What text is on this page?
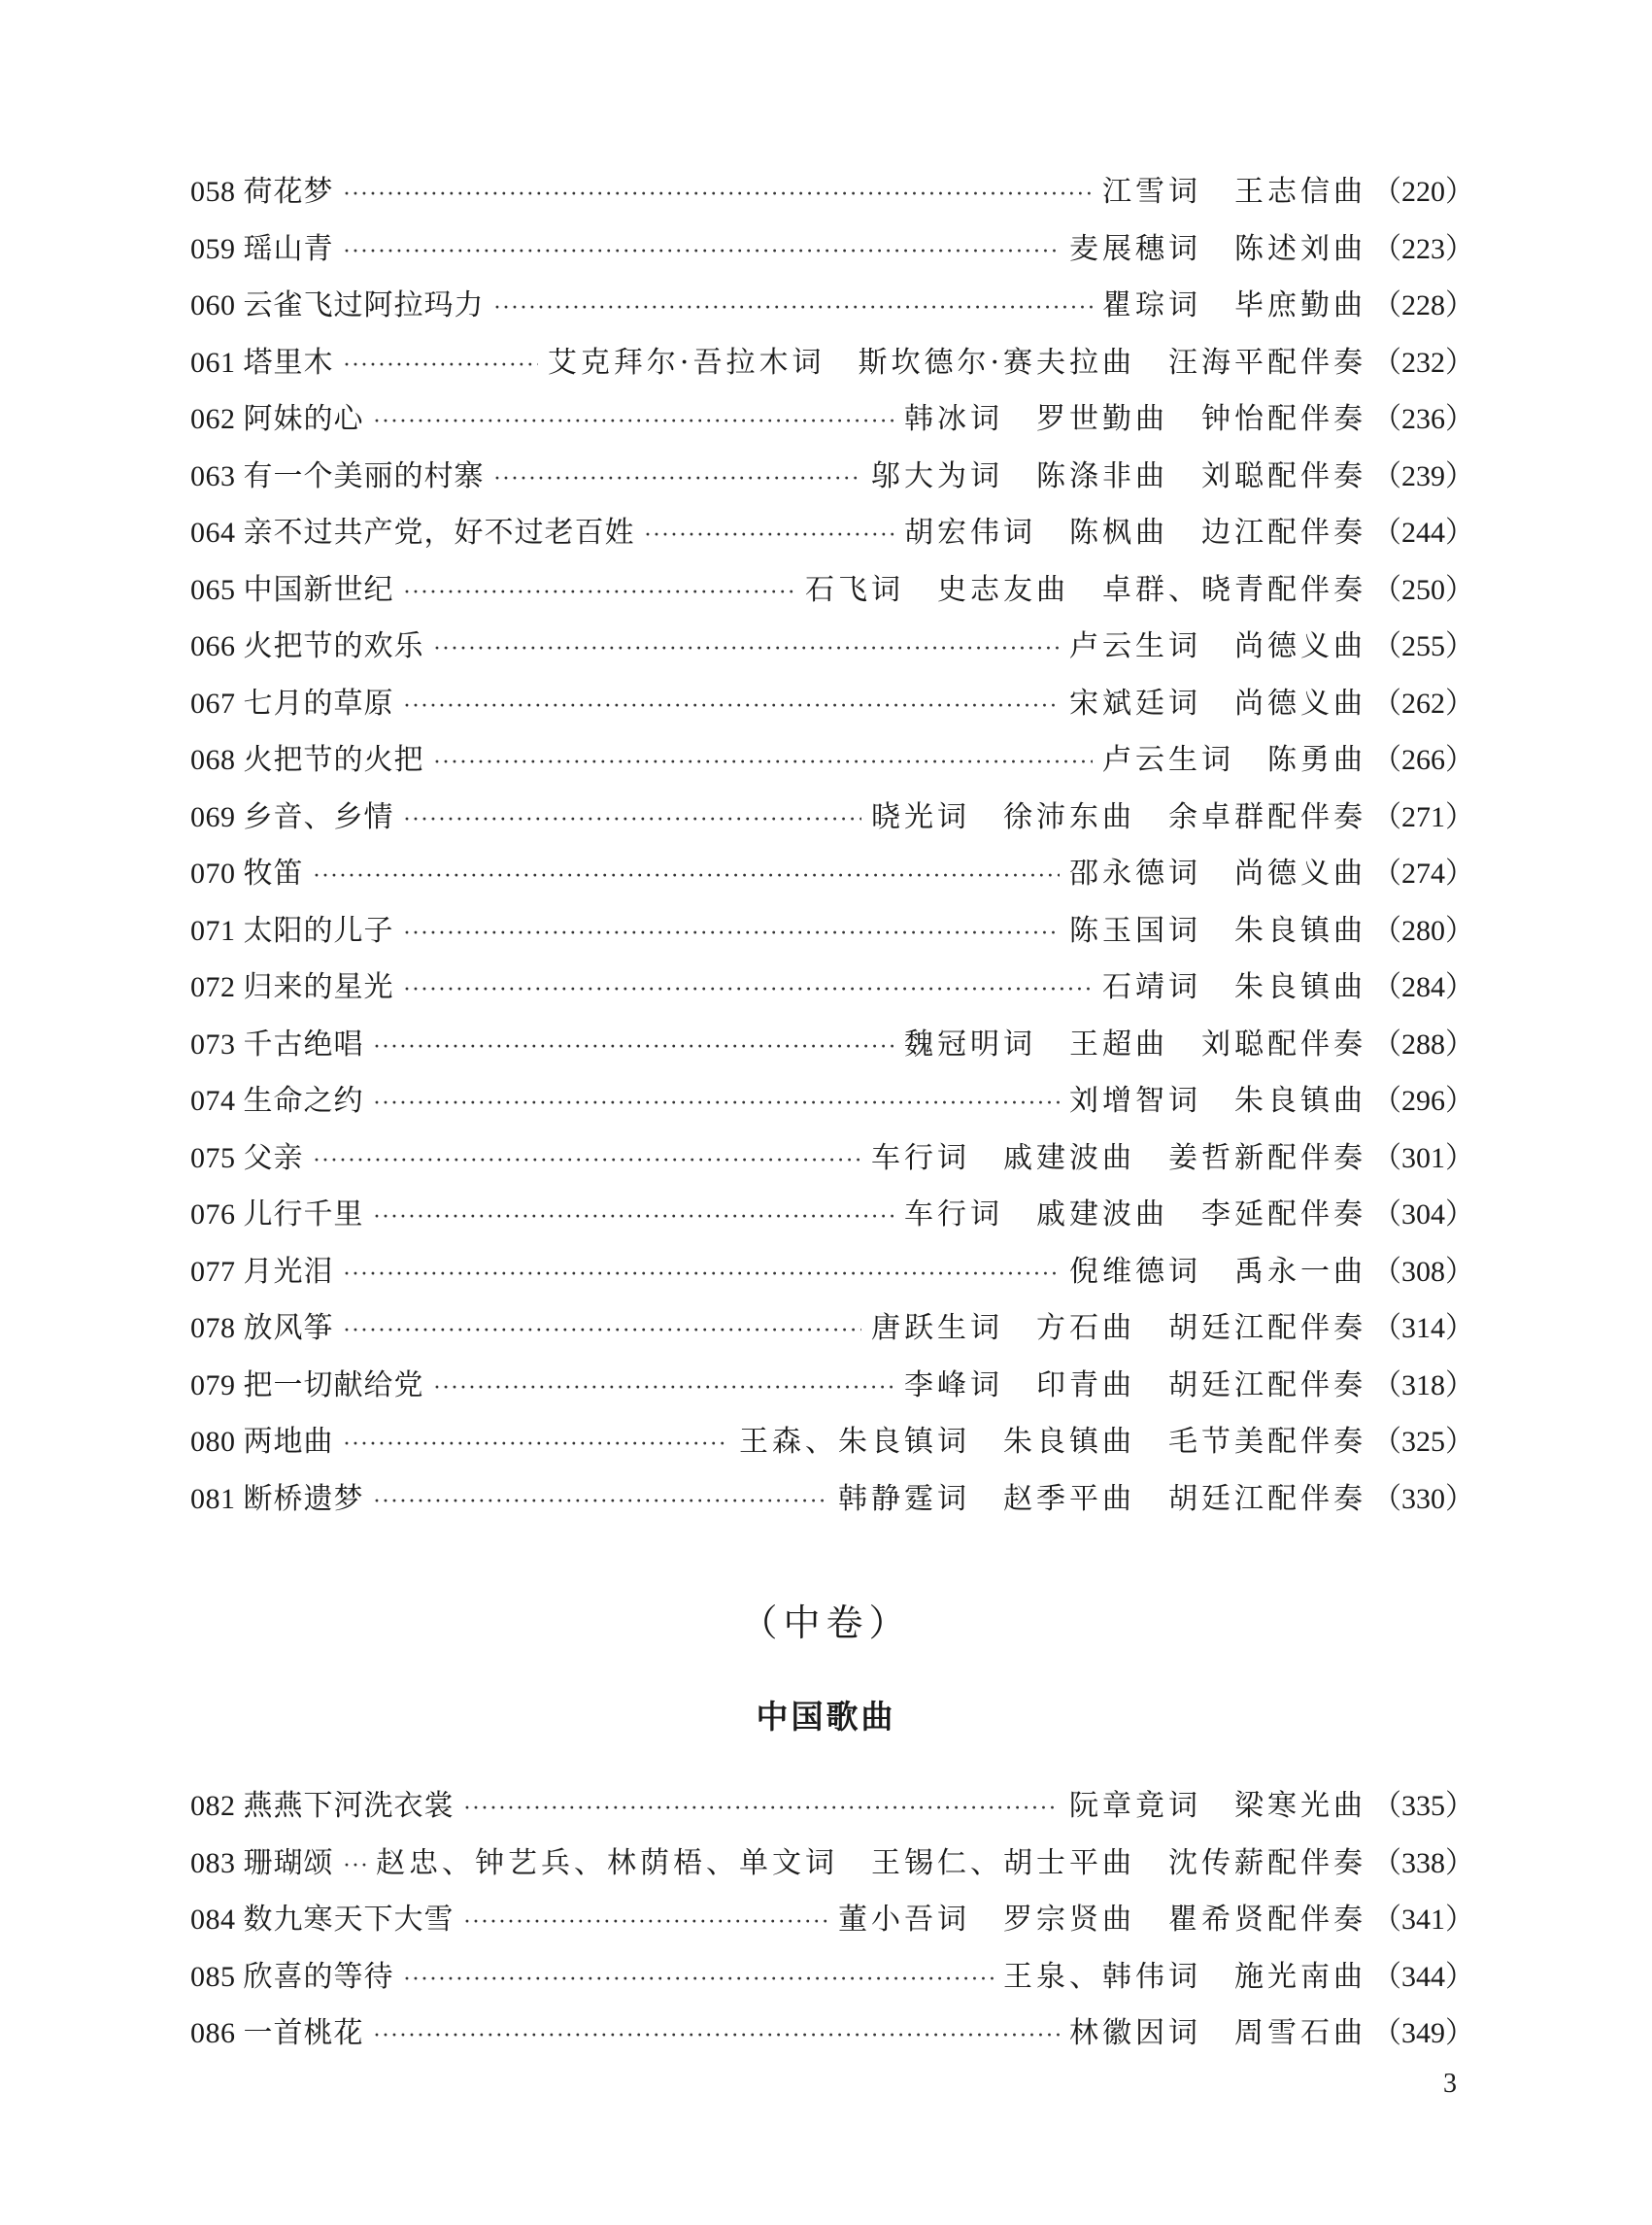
058 荷花梦 ·····	江雪词　王志信曲 （220）
059 瑶山青 ·····	麦展穗词　陈述刘曲 （223）
060 云雀飞过阿拉玛力 ·····	瞿琮词　毕庶勤曲 （228）
061 塔里木 ·····	艾克拜尔·吾拉木词　斯坎德尔·赛夫拉曲　汪海平配伴奏 （232）
062 阿妹的心 ·····	韩冰词　罗世勤曲　钟怡配伴奏 （236）
063 有一个美丽的村寨 ·····	邬大为词　陈涤非曲　刘聪配伴奏 （239）
064 亲不过共产党，好不过老百姓 ·····	胡宏伟词　陈枫曲　边江配伴奏 （244）
065 中国新世纪 ·····	石飞词　史志友曲　卓群、晓青配伴奏 （250）
066 火把节的欢乐 ·····	卢云生词　尚德义曲 （255）
067 七月的草原 ·····	宋斌廷词　尚德义曲 （262）
068 火把节的火把 ·····	卢云生词　陈勇曲 （266）
069 乡音、乡情 ·····	晓光词　徐沛东曲　余卓群配伴奏 （271）
070 牧笛 ·····	邵永德词　尚德义曲 （274）
071 太阳的儿子 ·····	陈玉国词　朱良镇曲 （280）
072 归来的星光 ·····	石靖词　朱良镇曲 （284）
073 千古绝唱 ·····	魏冠明词　王超曲　刘聪配伴奏 （288）
074 生命之约 ·····	刘增智词　朱良镇曲 （296）
075 父亲 ·····	车行词　戚建波曲　姜哲新配伴奏 （301）
076 儿行千里 ·····	车行词　戚建波曲　李延配伴奏 （304）
077 月光泪 ·····	倪维德词　禹永一曲 （308）
078 放风筝 ·····	唐跃生词　方石曲　胡廷江配伴奏 （314）
079 把一切献给党 ·····	李峰词　印青曲　胡廷江配伴奏 （318）
080 两地曲 ·····	王森、朱良镇词　朱良镇曲　毛节美配伴奏 （325）
081 断桥遗梦 ·····	韩静霆词　赵季平曲　胡廷江配伴奏 （330）
（中卷）
中国歌曲
082 燕燕下河洗衣裳 ·····	阮章竟词　梁寒光曲 （335）
083 珊瑚颂 ····· 赵忠、钟艺兵、林荫梧、单文词　王锡仁、胡士平曲　沈传薪配伴奏 （338）
084 数九寒天下大雪 ·····	董小吾词　罗宗贤曲　瞿希贤配伴奏 （341）
085 欣喜的等待 ·····	王泉、韩伟词　施光南曲 （344）
086 一首桃花 ·····	林徽因词　周雪石曲 （349）
3
